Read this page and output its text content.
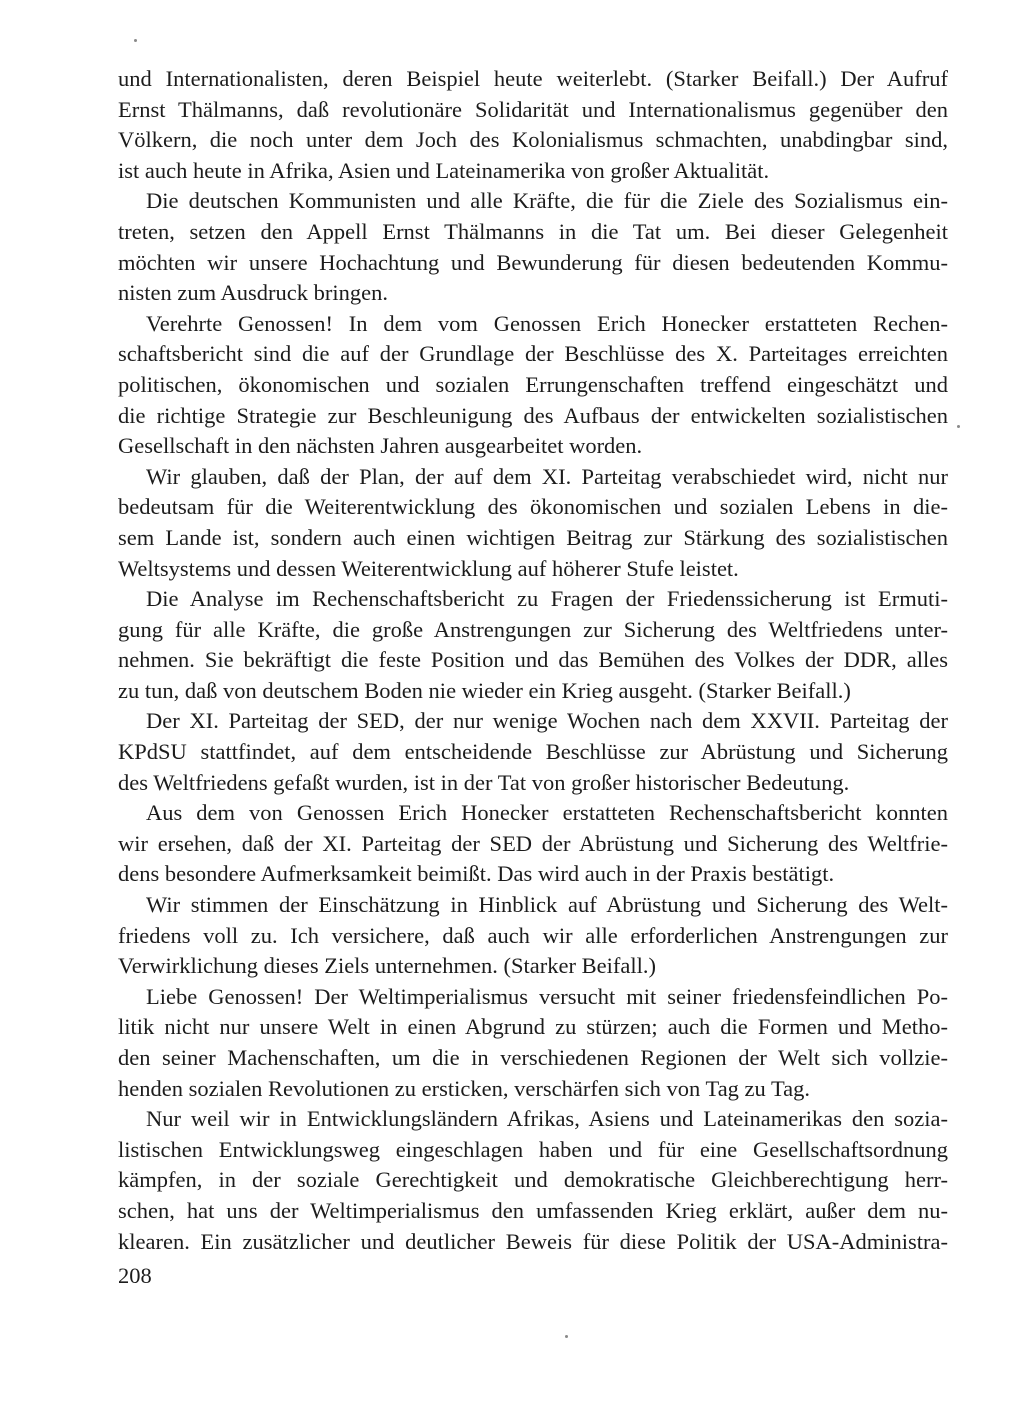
und Internationalisten, deren Beispiel heute weiterlebt. (Starker Beifall.) Der Aufruf
Ernst Thälmanns, daß revolutionäre Solidarität und Internationalismus gegenüber den
Völkern, die noch unter dem Joch des Kolonialismus schmachten, unabdingbar sind,
ist auch heute in Afrika, Asien und Lateinamerika von großer Aktualität.
Die deutschen Kommunisten und alle Kräfte, die für die Ziele des Sozialismus ein-
treten, setzen den Appell Ernst Thälmanns in die Tat um. Bei dieser Gelegenheit
möchten wir unsere Hochachtung und Bewunderung für diesen bedeutenden Kommu-
nisten zum Ausdruck bringen.
Verehrte Genossen! In dem vom Genossen Erich Honecker erstatteten Rechen-
schaftsbericht sind die auf der Grundlage der Beschlüsse des X. Parteitages erreichten
politischen, ökonomischen und sozialen Errungenschaften treffend eingeschätzt und
die richtige Strategie zur Beschleunigung des Aufbaus der entwickelten sozialistischen
Gesellschaft in den nächsten Jahren ausgearbeitet worden.
Wir glauben, daß der Plan, der auf dem XI. Parteitag verabschiedet wird, nicht nur
bedeutsam für die Weiterentwicklung des ökonomischen und sozialen Lebens in die-
sem Lande ist, sondern auch einen wichtigen Beitrag zur Stärkung des sozialistischen
Weltsystems und dessen Weiterentwicklung auf höherer Stufe leistet.
Die Analyse im Rechenschaftsbericht zu Fragen der Friedenssicherung ist Ermuti-
gung für alle Kräfte, die große Anstrengungen zur Sicherung des Weltfriedens unter-
nehmen. Sie bekräftigt die feste Position und das Bemühen des Volkes der DDR, alles
zu tun, daß von deutschem Boden nie wieder ein Krieg ausgeht. (Starker Beifall.)
Der XI. Parteitag der SED, der nur wenige Wochen nach dem XXVII. Parteitag der
KPdSU stattfindet, auf dem entscheidende Beschlüsse zur Abrüstung und Sicherung
des Weltfriedens gefaßt wurden, ist in der Tat von großer historischer Bedeutung.
Aus dem von Genossen Erich Honecker erstatteten Rechenschaftsbericht konnten
wir ersehen, daß der XI. Parteitag der SED der Abrüstung und Sicherung des Weltfrie-
dens besondere Aufmerksamkeit beimißt. Das wird auch in der Praxis bestätigt.
Wir stimmen der Einschätzung in Hinblick auf Abrüstung und Sicherung des Welt-
friedens voll zu. Ich versichere, daß auch wir alle erforderlichen Anstrengungen zur
Verwirklichung dieses Ziels unternehmen. (Starker Beifall.)
Liebe Genossen! Der Weltimperialismus versucht mit seiner friedensfeindlichen Po-
litik nicht nur unsere Welt in einen Abgrund zu stürzen; auch die Formen und Metho-
den seiner Machenschaften, um die in verschiedenen Regionen der Welt sich vollzie-
henden sozialen Revolutionen zu ersticken, verschärfen sich von Tag zu Tag.
Nur weil wir in Entwicklungsländern Afrikas, Asiens und Lateinamerikas den sozia-
listischen Entwicklungsweg eingeschlagen haben und für eine Gesellschaftsordnung
kämpfen, in der soziale Gerechtigkeit und demokratische Gleichberechtigung herr-
schen, hat uns der Weltimperialismus den umfassenden Krieg erklärt, außer dem nu-
klearen. Ein zusätzlicher und deutlicher Beweis für diese Politik der USA-Administra-
208
